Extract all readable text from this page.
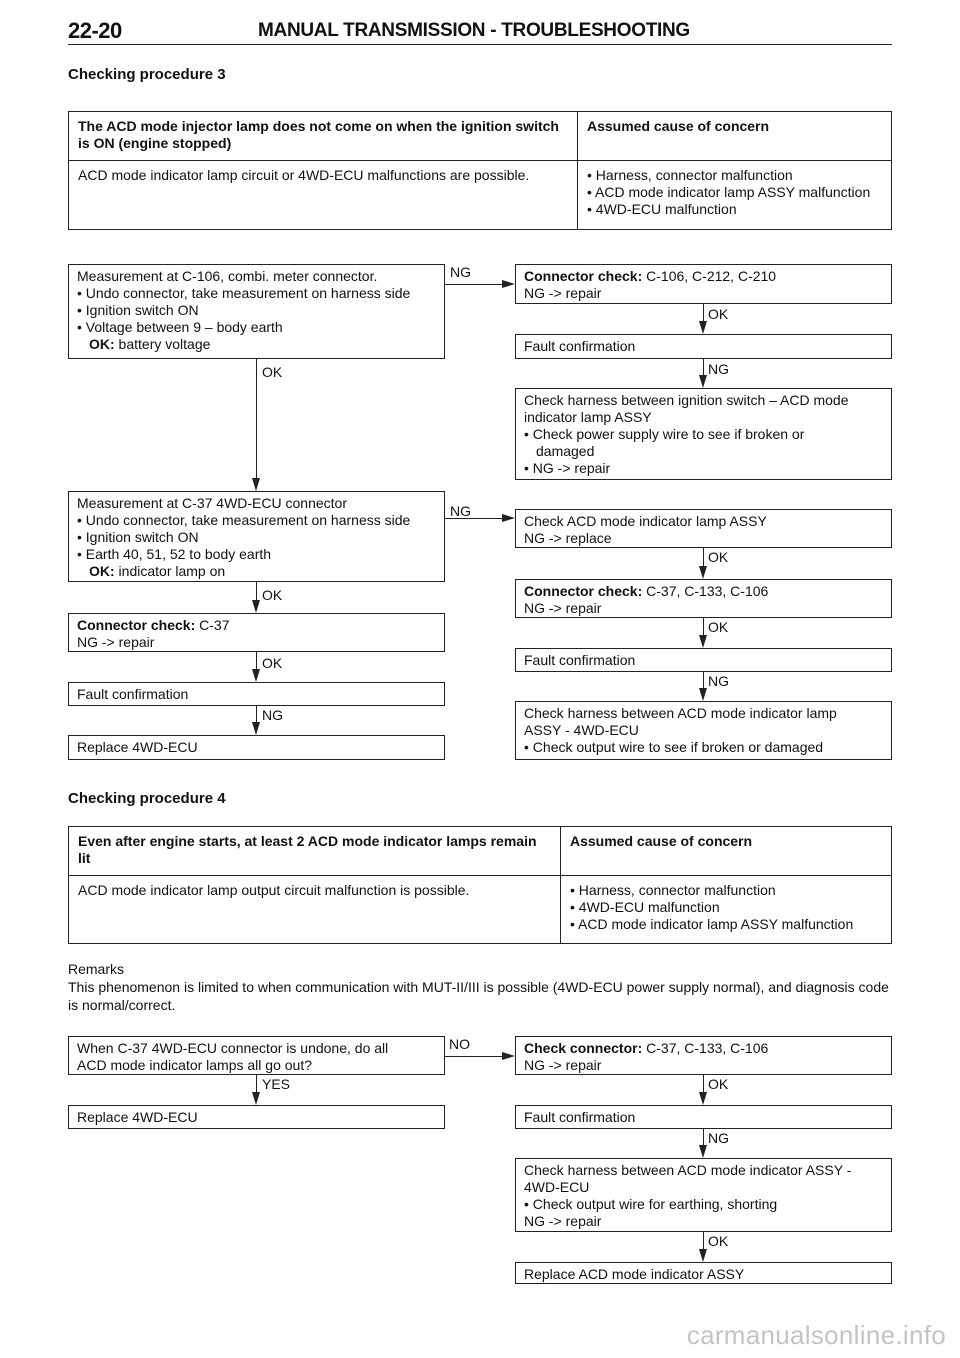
22-20	MANUAL TRANSMISSION - TROUBLESHOOTING
Checking procedure 3
The ACD mode injector lamp does not come on when the ignition switch is ON (engine stopped)	Assumed cause of concern
ACD mode indicator lamp circuit or 4WD-ECU malfunctions are possible.	• Harness, connector malfunction
• ACD mode indicator lamp ASSY malfunction
• 4WD-ECU malfunction
Measurement at C-106, combi. meter connector.
• Undo connector, take measurement on harness side
• Ignition switch ON
• Voltage between 9 – body earth
OK: battery voltage
Connector check: C-106, C-212, C-210
NG -> repair
Fault confirmation
Check harness between ignition switch – ACD mode
indicator lamp ASSY
• Check power supply wire to see if broken or
damaged
• NG -> repair
Measurement at C-37 4WD-ECU connector
• Undo connector, take measurement on harness side
• Ignition switch ON
• Earth 40, 51, 52 to body earth
OK: indicator lamp on
Check ACD mode indicator lamp ASSY
NG -> replace
Connector check: C-37, C-133, C-106
NG -> repair
Fault confirmation
Check harness between ACD mode indicator lamp
ASSY - 4WD-ECU
• Check output wire to see if broken or damaged
Connector check: C-37
NG -> repair
Fault confirmation
Replace 4WD-ECU
NG
OK
NG
OK
NG
OK
OK
NG
OK
OK
NG
Checking procedure 4
Even after engine starts, at least 2 ACD mode indicator lamps remain lit	Assumed cause of concern
ACD mode indicator lamp output circuit malfunction is possible.	• Harness, connector malfunction
• 4WD-ECU malfunction
• ACD mode indicator lamp ASSY malfunction
Remarks
This phenomenon is limited to when communication with MUT-II/III is possible (4WD-ECU power supply normal), and diagnosis code is normal/correct.
When C-37 4WD-ECU connector is undone, do all
ACD mode indicator lamps all go out?
Replace 4WD-ECU
Check connector: C-37, C-133, C-106
NG -> repair
Fault confirmation
Check harness between ACD mode indicator ASSY -
4WD-ECU
• Check output wire for earthing, shorting
NG -> repair
Replace ACD mode indicator ASSY
NO
YES	OK
NG
OK
carmanualsonline.info
